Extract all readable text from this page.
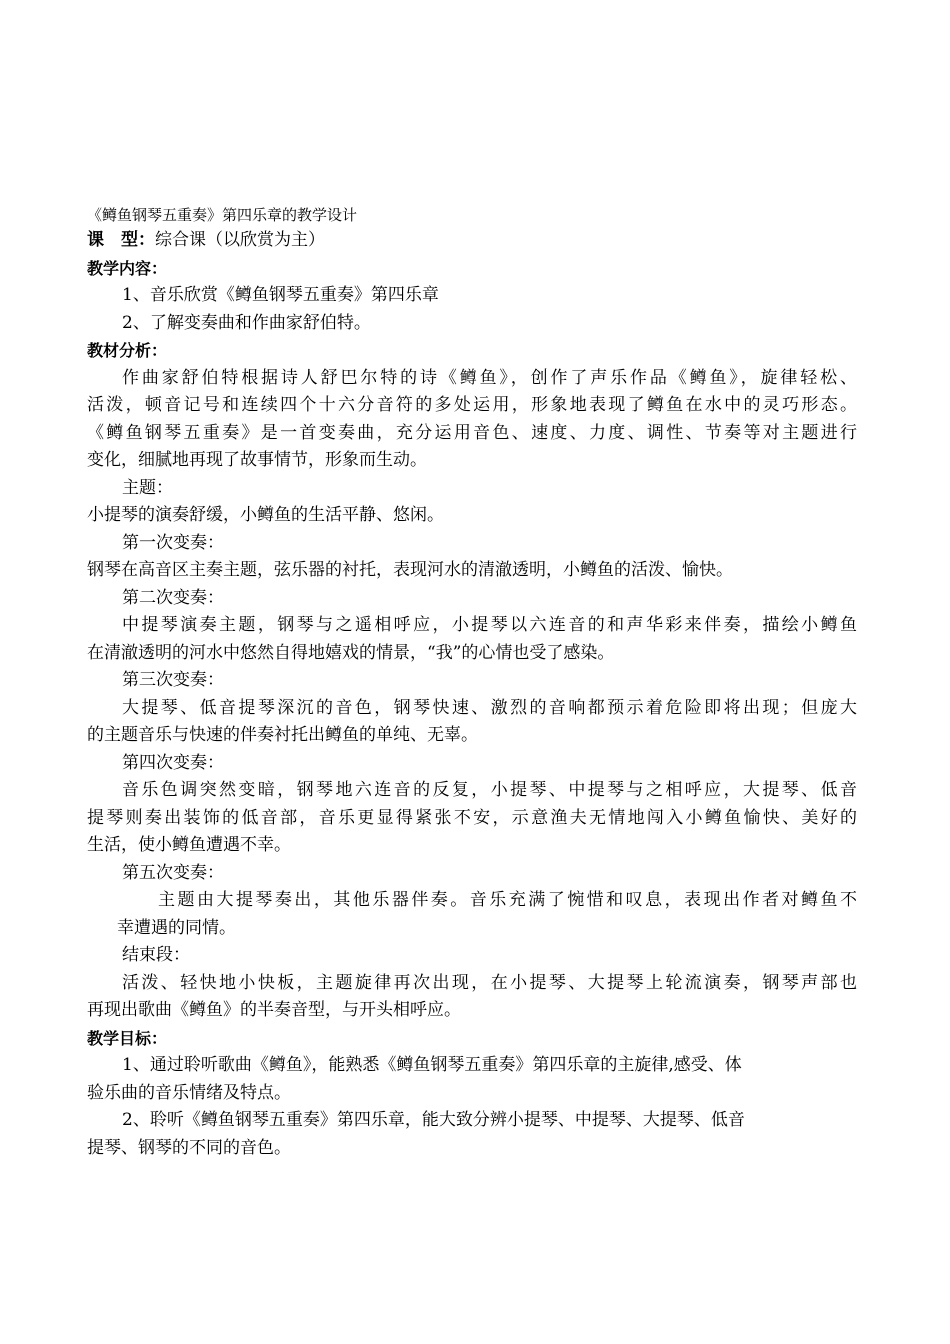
《鳟鱼钢琴五重奏》第四乐章的教学设计

课　型：综合课（以欣赏为主）

教学内容：

1、音乐欣赏《鳟鱼钢琴五重奏》第四乐章

2、了解变奏曲和作曲家舒伯特。

教材分析：

作曲家舒伯特根据诗人舒巴尔特的诗《鳟鱼》，创作了声乐作品《鳟鱼》，旋律轻松、

活泼，顿音记号和连续四个十六分音符的多处运用，形象地表现了鳟鱼在水中的灵巧形态。

《鳟鱼钢琴五重奏》是一首变奏曲，充分运用音色、速度、力度、调性、节奏等对主题进行

变化，细腻地再现了故事情节，形象而生动。

主题：

小提琴的演奏舒缓，小鳟鱼的生活平静、悠闲。

第一次变奏：

钢琴在高音区主奏主题，弦乐器的衬托，表现河水的清澈透明，小鳟鱼的活泼、愉快。

第二次变奏：

中提琴演奏主题，钢琴与之遥相呼应，小提琴以六连音的和声华彩来伴奏，描绘小鳟鱼

在清澈透明的河水中悠然自得地嬉戏的情景，“我”的心情也受了感染。

第三次变奏：

大提琴、低音提琴深沉的音色，钢琴快速、激烈的音响都预示着危险即将出现；但庞大

的主题音乐与快速的伴奏衬托出鳟鱼的单纯、无辜。

第四次变奏：

音乐色调突然变暗，钢琴地六连音的反复，小提琴、中提琴与之相呼应，大提琴、低音

提琴则奏出装饰的低音部，音乐更显得紧张不安，示意渔夫无情地闯入小鳟鱼愉快、美好的

生活，使小鳟鱼遭遇不幸。

第五次变奏：

主题由大提琴奏出，其他乐器伴奏。音乐充满了惋惜和叹息，表现出作者对鳟鱼不

幸遭遇的同情。

结束段：

活泼、轻快地小快板，主题旋律再次出现，在小提琴、大提琴上轮流演奏，钢琴声部也

再现出歌曲《鳟鱼》的半奏音型，与开头相呼应。

教学目标：

1、通过聆听歌曲《鳟鱼》，能熟悉《鳟鱼钢琴五重奏》第四乐章的主旋律,感受、体

验乐曲的音乐情绪及特点。

2、聆听《鳟鱼钢琴五重奏》第四乐章，能大致分辨小提琴、中提琴、大提琴、低音

提琴、钢琴的不同的音色。
